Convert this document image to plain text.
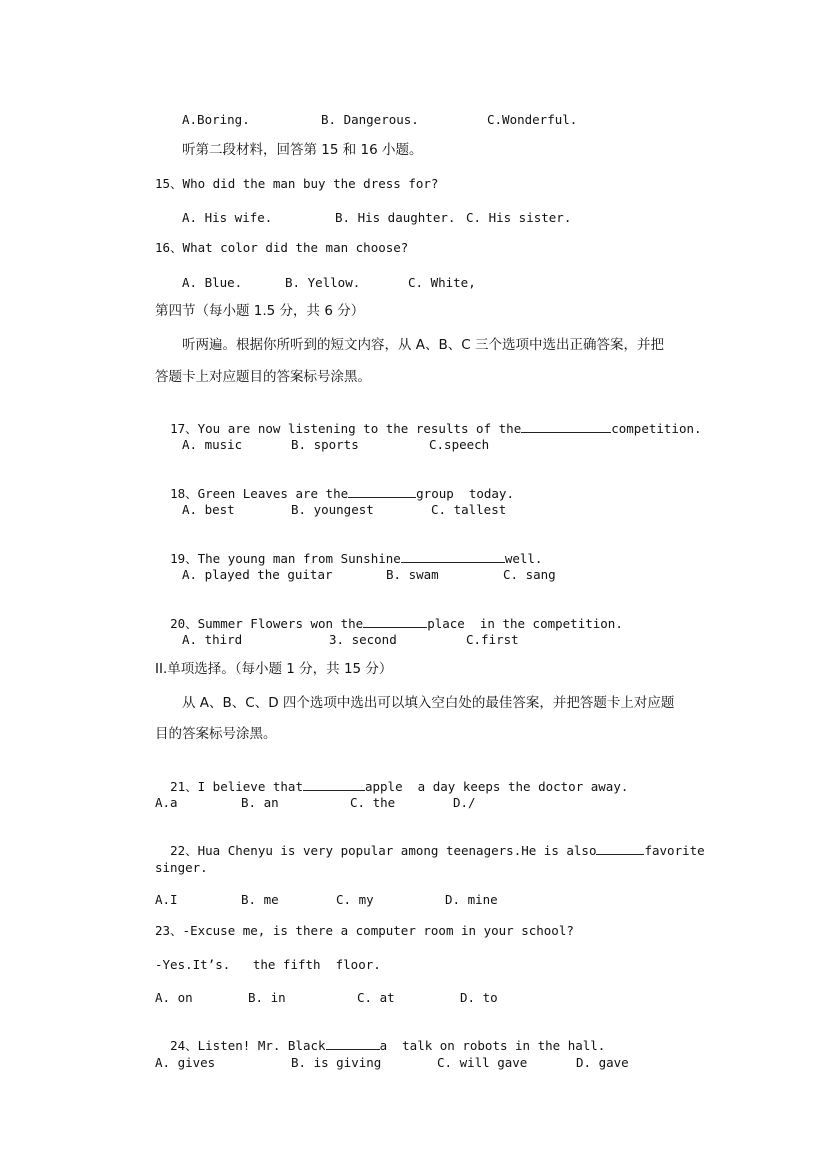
A.Boring.	B. Dangerous.	C.Wonderful.
听第二段材料，回答第 15 和 16 小题。
15、Who did the man buy the dress for?
A. His wife.	B. His daughter. C. His sister.
16、What color did the man choose?
A. Blue.	B. Yellow.	C. White,
第四节（每小题 1.5 分，共 6 分）
听两遍。根据你所听到的短文内容，从 A、B、C 三个选项中选出正确答案，并把
答题卡上对应题目的答案标号涂黑。

17、You are now listening to the results of the	competition.

A. music	B. sports	C.speech

18、Green Leaves are the	group  today.

A. best	B. youngest	C. tallest

19、The young man from Sunshine	well.

A. played the guitar	B. swam	C. sang

20、Summer Flowers won the	place  in the competition.

A. third	3. second	C.first
II.单项选择。（每小题 1 分，共 15 分）
从 A、B、C、D 四个选项中选出可以填入空白处的最佳答案，并把答题卡上对应题
目的答案标号涂黑。

21、I believe that	apple  a day keeps the doctor away.

A.a	B. an	C. the	D./

22、Hua Chenyu is very popular among teenagers.He is also	favorite

singer.
A.I	B. me	C. my	D. mine
23、-Excuse me, is there a computer room in your school?
-Yes.It’s.   the fifth  floor.
A. on	B. in	C. at	D. to

24、Listen! Mr. Black	a  talk on robots in the hall.

A. gives	B. is giving	C. will gave	D. gave
